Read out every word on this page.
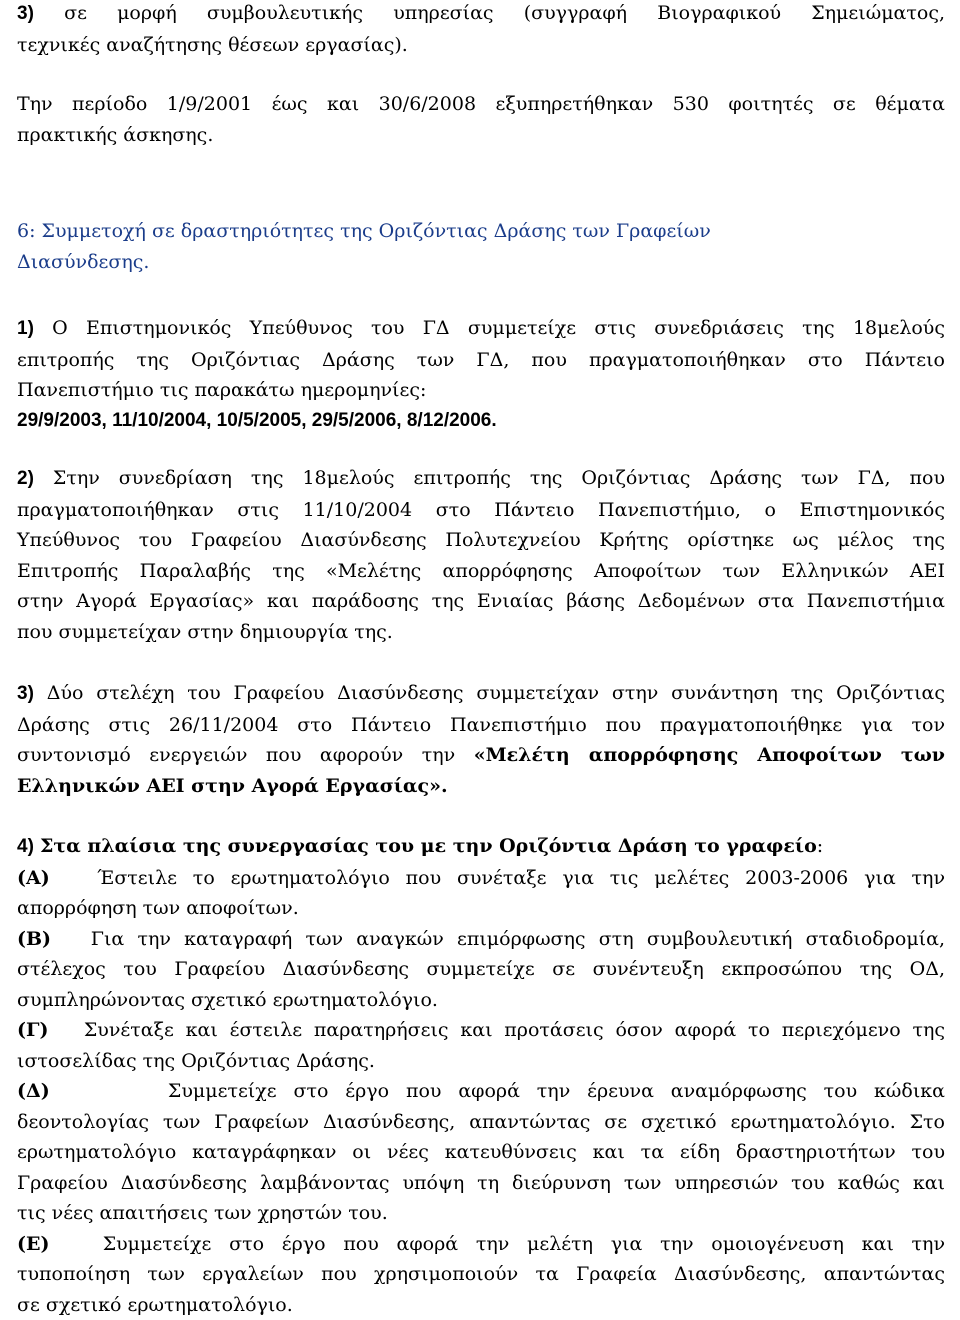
3) σε μορφή συμβουλευτικής υπηρεσίας (συγγραφή Βιογραφικού Σημειώματος,
τεχνικές αναζήτησης θέσεων εργασίας).
Την περίοδο 1/9/2001 έως και 30/6/2008 εξυπηρετήθηκαν 530 φοιτητές σε θέματα
πρακτικής άσκησης.
6: Συμμετοχή σε δραστηριότητες της Οριζόντιας Δράσης των Γραφείων
Διασύνδεσης.
1) Ο Επιστημονικός Υπεύθυνος του ΓΔ συμμετείχε στις συνεδριάσεις της 18μελούς
επιτροπής της Οριζόντιας Δράσης των ΓΔ, που πραγματοποιήθηκαν στο Πάντειο
Πανεπιστήμιο τις παρακάτω ημερομηνίες:
29/9/2003, 11/10/2004, 10/5/2005, 29/5/2006, 8/12/2006.
2) Στην συνεδρίαση της 18μελούς επιτροπής της Οριζόντιας Δράσης των ΓΔ, που
πραγματοποιήθηκαν στις 11/10/2004 στο Πάντειο Πανεπιστήμιο, ο Επιστημονικός
Υπεύθυνος του Γραφείου Διασύνδεσης Πολυτεχνείου Κρήτης ορίστηκε ως μέλος της
Επιτροπής Παραλαβής της «Μελέτης απορρόφησης Αποφοίτων των Ελληνικών ΑΕΙ
στην Αγορά Εργασίας» και παράδοσης της Ενιαίας βάσης Δεδομένων στα Πανεπιστήμια
που συμμετείχαν στην δημιουργία της.
3) Δύο στελέχη του Γραφείου Διασύνδεσης συμμετείχαν στην συνάντηση της Οριζόντιας
Δράσης στις 26/11/2004 στο Πάντειο Πανεπιστήμιο που πραγματοποιήθηκε για τον
συντονισμό ενεργειών που αφορούν την «Μελέτη απορρόφησης Αποφοίτων των
Ελληνικών ΑΕΙ στην Αγορά Εργασίας».
4) Στα πλαίσια της συνεργασίας του με την Οριζόντια Δράση το γραφείο:
(Α) Έστειλε το ερωτηματολόγιο που συνέταξε για τις μελέτες 2003-2006 για την
απορρόφηση των αποφοίτων.
(Β) Για την καταγραφή των αναγκών επιμόρφωσης στη συμβουλευτική σταδιοδρομία,
στέλεχος του Γραφείου Διασύνδεσης συμμετείχε σε συνέντευξη εκπροσώπου της ΟΔ,
συμπληρώνοντας σχετικό ερωτηματολόγιο.
(Γ) Συνέταξε και έστειλε παρατηρήσεις και προτάσεις όσον αφορά το περιεχόμενο της
ιστοσελίδας της Οριζόντιας Δράσης.
(Δ)	Συμμετείχε στο έργο που αφορά την έρευνα αναμόρφωσης του κώδικα
δεοντολογίας των Γραφείων Διασύνδεσης, απαντώντας σε σχετικό ερωτηματολόγιο. Στο
ερωτηματολόγιο καταγράφηκαν οι νέες κατευθύνσεις και τα είδη δραστηριοτήτων του
Γραφείου Διασύνδεσης λαμβάνοντας υπόψη τη διεύρυνση των υπηρεσιών του καθώς και
τις νέες απαιτήσεις των χρηστών του.
(Ε)	Συμμετείχε στο έργο που αφορά την μελέτη για την ομοιογένευση και την
τυποποίηση των εργαλείων που χρησιμοποιούν τα Γραφεία Διασύνδεσης, απαντώντας
σε σχετικό ερωτηματολόγιο.
